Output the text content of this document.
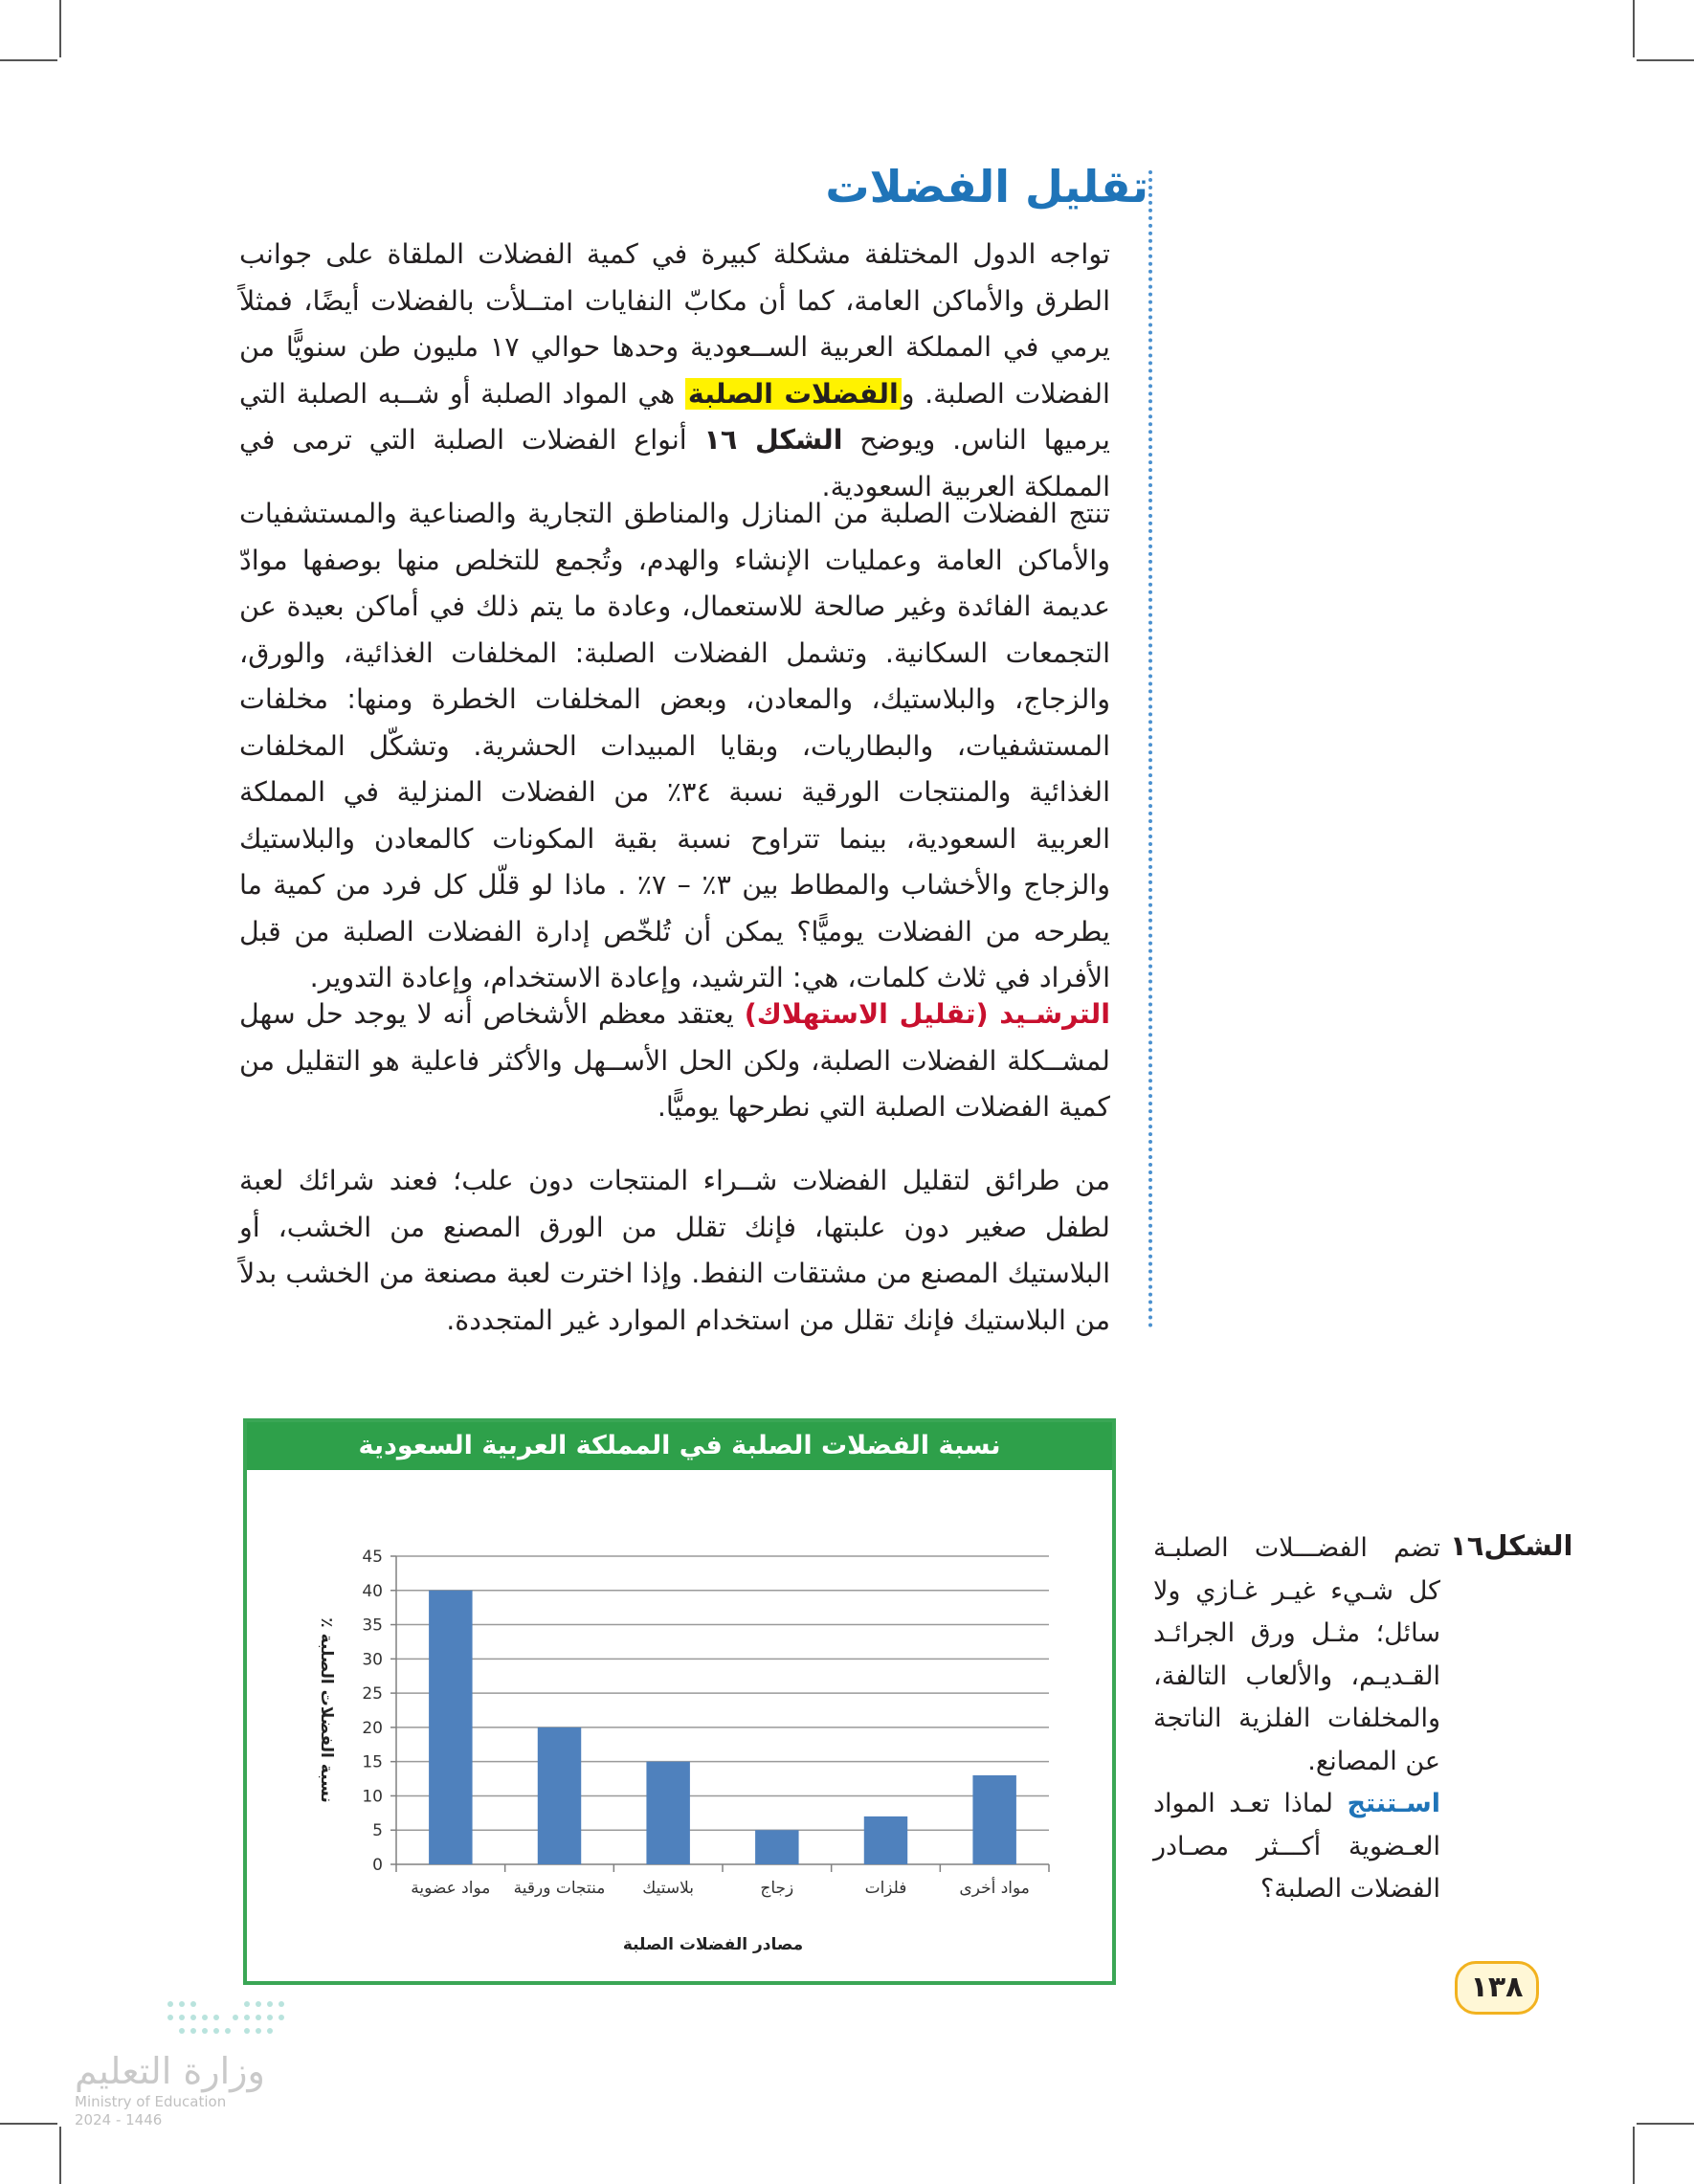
تقليل الفضلات

تواجه الدول المختلفة مشكلة كبيرة في كمية الفضلات الملقاة على جوانب الطرق والأماكن العامة، كما أن مكابّ النفايات امتــلأت بالفضلات أيضًا، فمثلاً يرمي في المملكة العربية الســعودية وحدها حوالي ١٧ مليون طن سنويًّا من الفضلات الصلبة. والفضلات الصلبة هي المواد الصلبة أو شــبه الصلبة التي يرميها الناس. ويوضح الشكل ١٦ أنواع الفضلات الصلبة التي ترمى في المملكة العربية السعودية.

تنتج الفضلات الصلبة من المنازل والمناطق التجارية والصناعية والمستشفيات والأماكن العامة وعمليات الإنشاء والهدم، وتُجمع للتخلص منها بوصفها موادّ عديمة الفائدة وغير صالحة للاستعمال، وعادة ما يتم ذلك في أماكن بعيدة عن التجمعات السكانية. وتشمل الفضلات الصلبة: المخلفات الغذائية، والورق، والزجاج، والبلاستيك، والمعادن، وبعض المخلفات الخطرة ومنها: مخلفات المستشفيات، والبطاريات، وبقايا المبيدات الحشرية. وتشكّل المخلفات الغذائية والمنتجات الورقية نسبة ٣٤٪ من الفضلات المنزلية في المملكة العربية السعودية، بينما تتراوح نسبة بقية المكونات كالمعادن والبلاستيك والزجاج والأخشاب والمطاط بين ٣٪ – ٧٪ . ماذا لو قلّل كل فرد من كمية ما يطرحه من الفضلات يوميًّا؟ يمكن أن تُلخّص إدارة الفضلات الصلبة من قبل الأفراد في ثلاث كلمات، هي: الترشيد، وإعادة الاستخدام، وإعادة التدوير.

الترشـيد (تقليل الاستهلاك) يعتقد معظم الأشخاص أنه لا يوجد حل سهل لمشــكلة الفضلات الصلبة، ولكن الحل الأســهل والأكثر فاعلية هو التقليل من كمية الفضلات الصلبة التي نطرحها يوميًّا.

من طرائق لتقليل الفضلات شــراء المنتجات دون علب؛ فعند شرائك لعبة لطفل صغير دون علبتها، فإنك تقلل من الورق المصنع من الخشب، أو البلاستيك المصنع من مشتقات النفط. وإذا اخترت لعبة مصنعة من الخشب بدلاً من البلاستيك فإنك تقلل من استخدام الموارد غير المتجددة.

الشكل١٦

تضم الفضـــلات الصلبـة كل شـيء غيـر غـازي ولا سائل؛ مثـل ورق الجرائـد القـديـم، والألعاب التالفة، والمخلفات الفلزية الناتجة عن المصانع.

اسـتنتج لماذا تعـد المواد العـضوية أكـــثر مصـادر الفضلات الصلبة؟

0
5
10
15
20
25
30
35
40
45
مواد عضوية منتجات ورقية بلاستيك	زجاج	فلزات	مواد أخرى
مصادر الفضلات الصلبة
نسبة الفضلات الصلبة ٪
نسبة الفضلات الصلبة في المملكة العربية السعودية
١٣٨
وزارة التعليم
Ministry of Education
2024 - 1446
